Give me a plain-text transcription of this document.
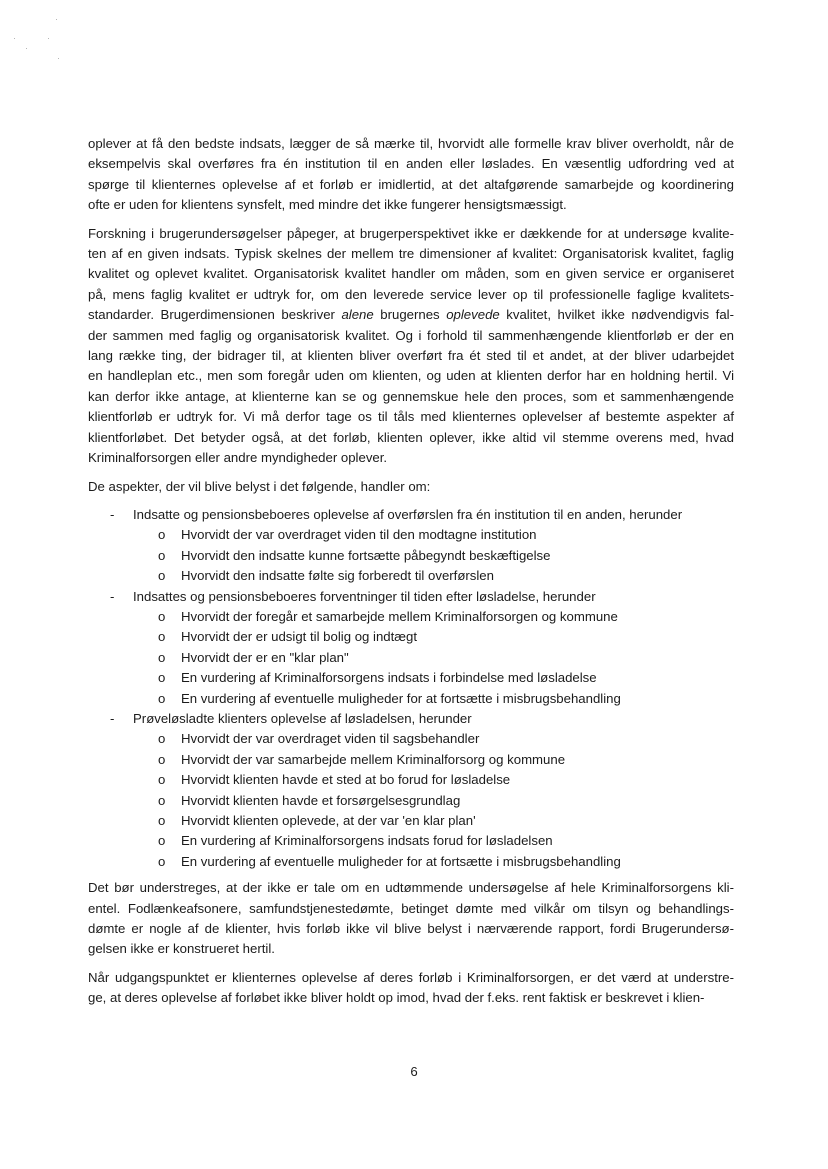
oplever at få den bedste indsats, lægger de så mærke til, hvorvidt alle formelle krav bliver overholdt, når de
eksempelvis skal overføres fra én institution til en anden eller løslades. En væsentlig udfordring ved at
spørge til klienternes oplevelse af et forløb er imidlertid, at det altafgørende samarbejde og koordinering
ofte er uden for klientens synsfelt, med mindre det ikke fungerer hensigtsmæssigt.

Forskning i brugerundersøgelser påpeger, at brugerperspektivet ikke er dækkende for at undersøge kvalite-
ten af en given indsats. Typisk skelnes der mellem tre dimensioner af kvalitet: Organisatorisk kvalitet, faglig
kvalitet og oplevet kvalitet. Organisatorisk kvalitet handler om måden, som en given service er organiseret
på, mens faglig kvalitet er udtryk for, om den leverede service lever op til professionelle faglige kvalitets-
standarder. Brugerdimensionen beskriver alene brugernes oplevede kvalitet, hvilket ikke nødvendigvis fal-
der sammen med faglig og organisatorisk kvalitet. Og i forhold til sammenhængende klientforløb er der en
lang række ting, der bidrager til, at klienten bliver overført fra ét sted til et andet, at der bliver udarbejdet
en handleplan etc., men som foregår uden om klienten, og uden at klienten derfor har en holdning hertil. Vi
kan derfor ikke antage, at klienterne kan se og gennemskue hele den proces, som et sammenhængende
klientforløb er udtryk for. Vi må derfor tage os til tåls med klienternes oplevelser af bestemte aspekter af
klientforløbet. Det betyder også, at det forløb, klienten oplever, ikke altid vil stemme overens med, hvad
Kriminalforsorgen eller andre myndigheder oplever.

De aspekter, der vil blive belyst i det følgende, handler om:

- Indsatte og pensionsbeboeres oplevelse af overførslen fra én institution til en anden, herunder
o Hvorvidt der var overdraget viden til den modtagne institution
o Hvorvidt den indsatte kunne fortsætte påbegyndt beskæftigelse
o Hvorvidt den indsatte følte sig forberedt til overførslen
- Indsattes og pensionsbeboeres forventninger til tiden efter løsladelse, herunder
o Hvorvidt der foregår et samarbejde mellem Kriminalforsorgen og kommune
o Hvorvidt der er udsigt til bolig og indtægt
o Hvorvidt der er en "klar plan"
o En vurdering af Kriminalforsorgens indsats i forbindelse med løsladelse
o En vurdering af eventuelle muligheder for at fortsætte i misbrugsbehandling
- Prøveløsladte klienters oplevelse af løsladelsen, herunder
o Hvorvidt der var overdraget viden til sagsbehandler
o Hvorvidt der var samarbejde mellem Kriminalforsorg og kommune
o Hvorvidt klienten havde et sted at bo forud for løsladelse
o Hvorvidt klienten havde et forsørgelsesgrundlag
o Hvorvidt klienten oplevede, at der var 'en klar plan'
o En vurdering af Kriminalforsorgens indsats forud for løsladelsen
o En vurdering af eventuelle muligheder for at fortsætte i misbrugsbehandling

Det bør understreges, at der ikke er tale om en udtømmende undersøgelse af hele Kriminalforsorgens kli-
entel. Fodlænkeafsonere, samfundstjenestedømte, betinget dømte med vilkår om tilsyn og behandlings-
dømte er nogle af de klienter, hvis forløb ikke vil blive belyst i nærværende rapport, fordi Brugerundersø-
gelsen ikke er konstrueret hertil.

Når udgangspunktet er klienternes oplevelse af deres forløb i Kriminalforsorgen, er det værd at understre-
ge, at deres oplevelse af forløbet ikke bliver holdt op imod, hvad der f.eks. rent faktisk er beskrevet i klien-

6
